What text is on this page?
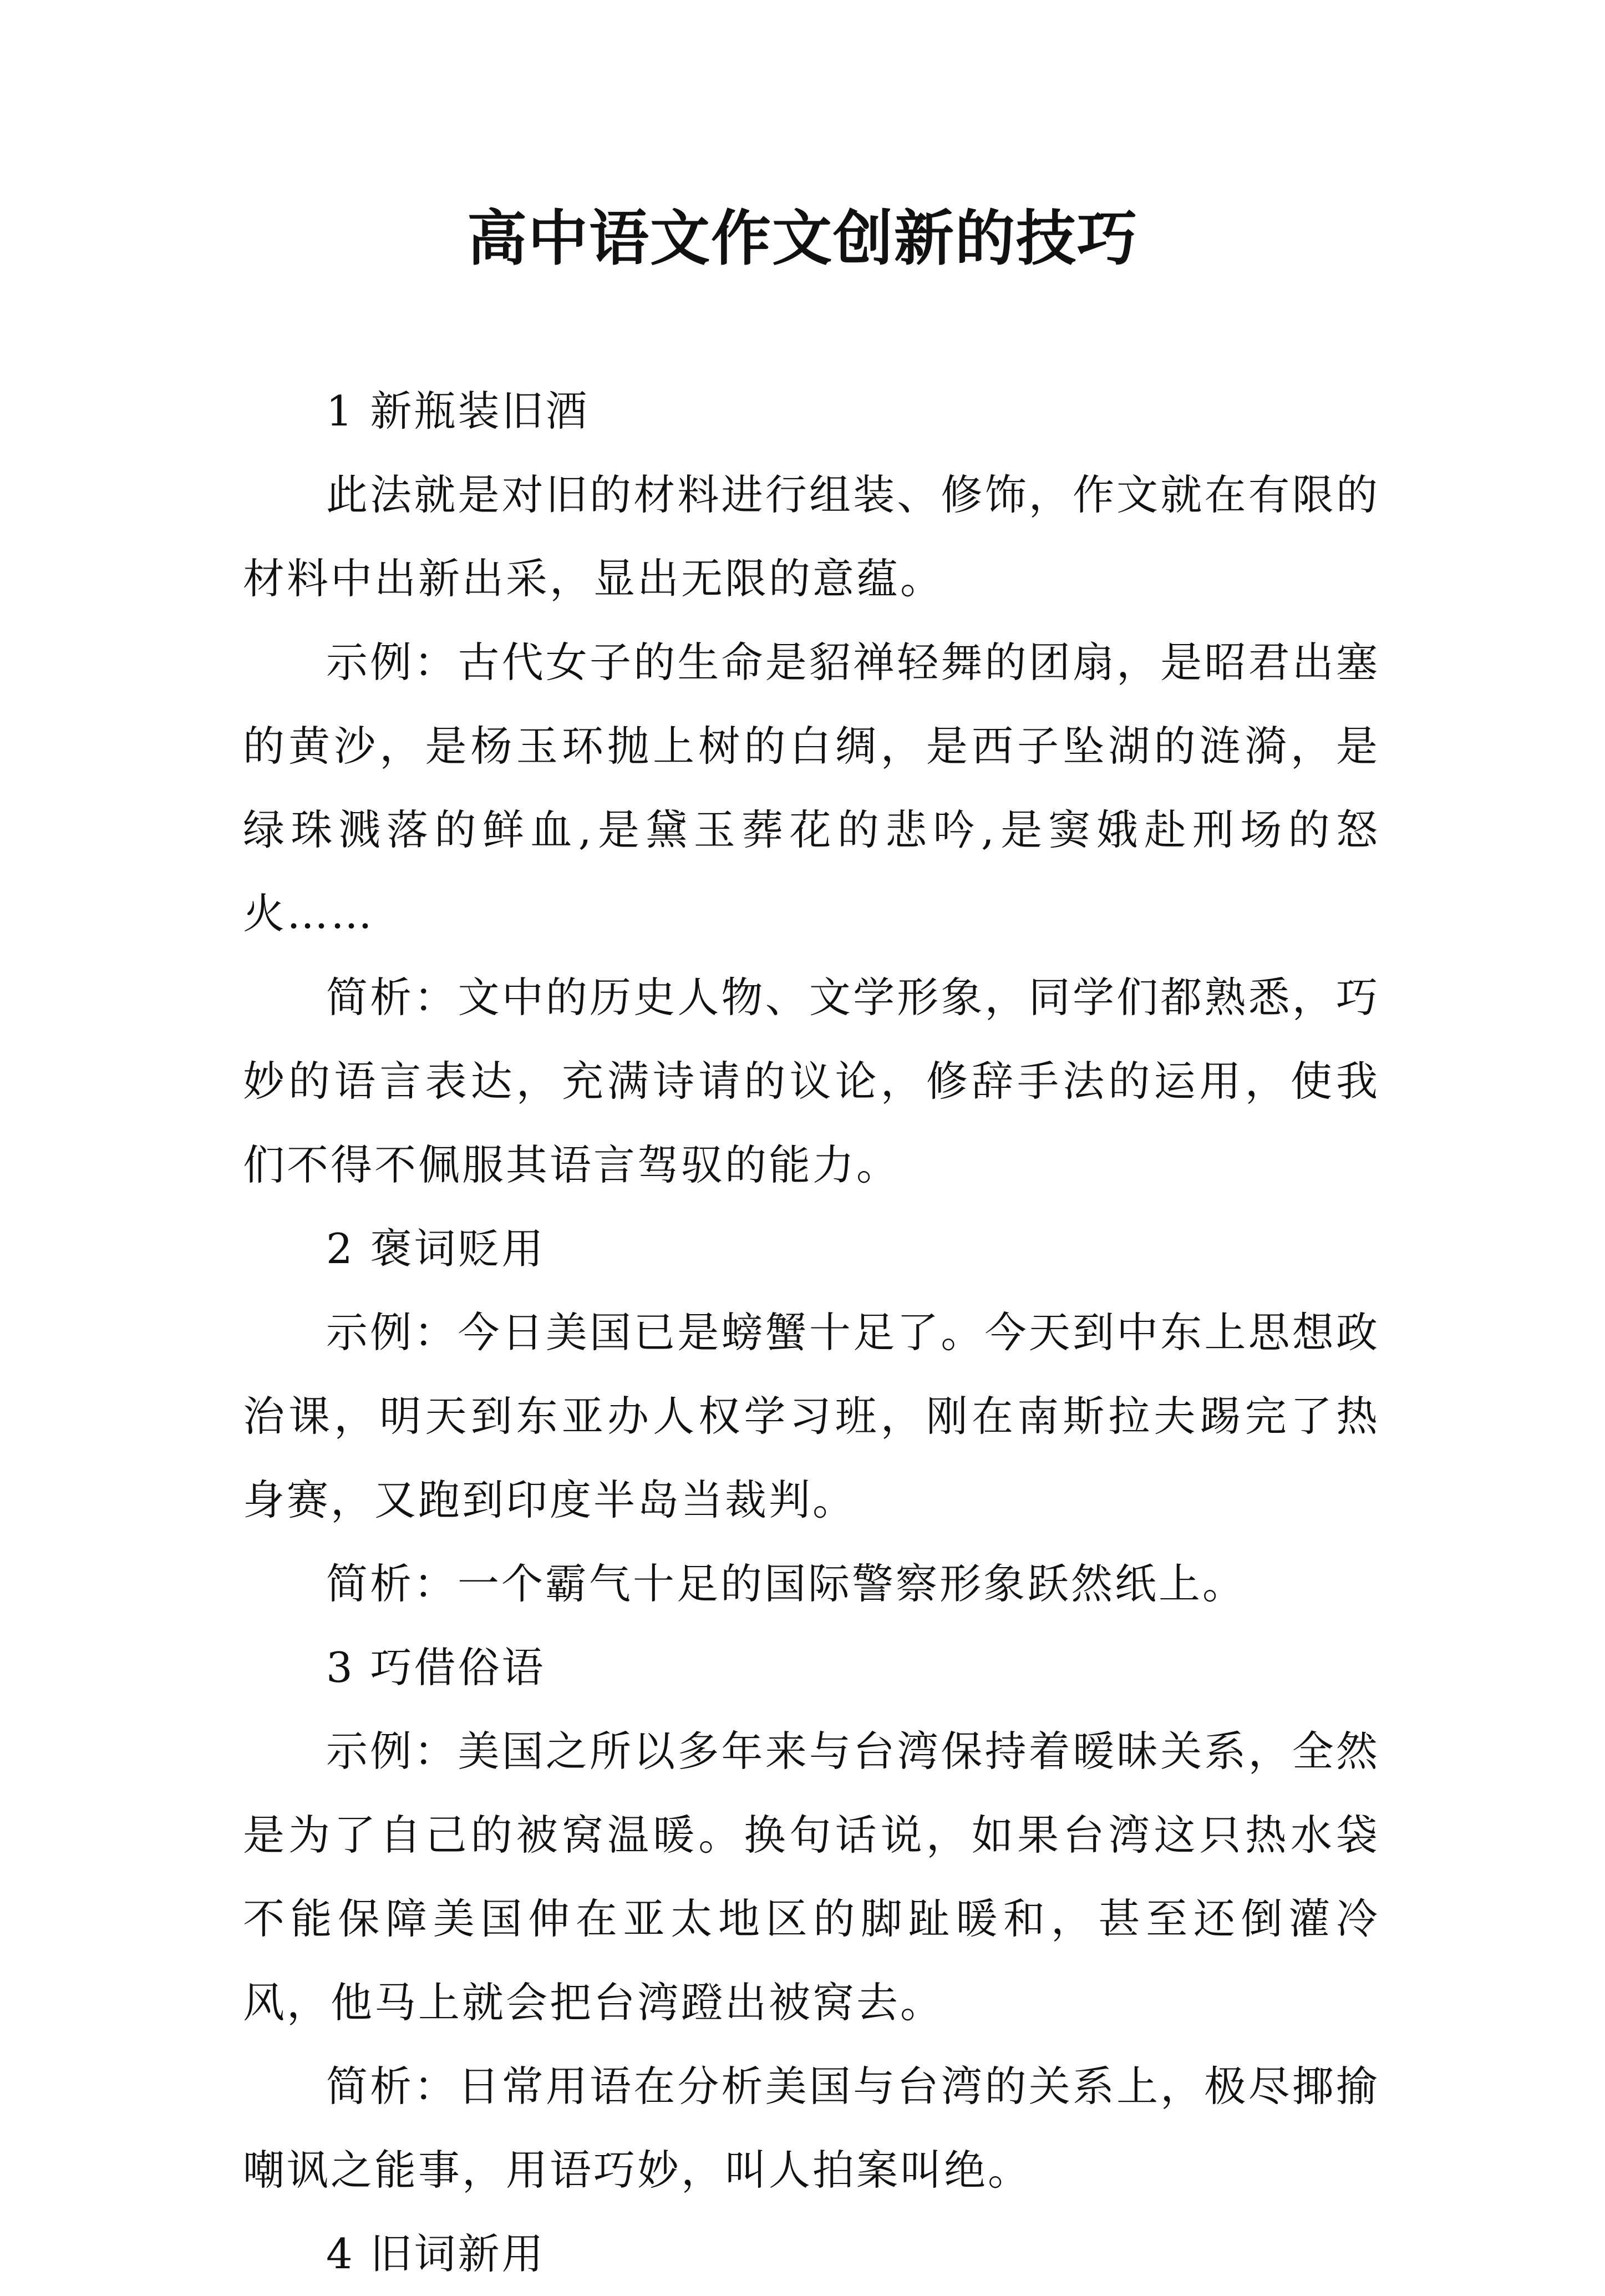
高中语文作文创新的技巧

1 新瓶装旧酒

此法就是对旧的材料进行组装、修饰，作文就在有限的材料中出新出采，显出无限的意蕴。

示例：古代女子的生命是貂禅轻舞的团扇，是昭君出塞的黄沙，是杨玉环抛上树的白绸，是西子坠湖的涟漪，是绿珠溅落的鲜血,是黛玉葬花的悲吟,是窦娥赴刑场的怒火……

简析：文中的历史人物、文学形象，同学们都熟悉，巧妙的语言表达，充满诗请的议论，修辞手法的运用，使我们不得不佩服其语言驾驭的能力。

2 褒词贬用

示例：今日美国已是螃蟹十足了。今天到中东上思想政治课，明天到东亚办人权学习班，刚在南斯拉夫踢完了热身赛，又跑到印度半岛当裁判。

简析：一个霸气十足的国际警察形象跃然纸上。

3 巧借俗语

示例：美国之所以多年来与台湾保持着暧昧关系，全然是为了自己的被窝温暖。换句话说，如果台湾这只热水袋不能保障美国伸在亚太地区的脚趾暖和，甚至还倒灌冷风，他马上就会把台湾蹬出被窝去。

简析：日常用语在分析美国与台湾的关系上，极尽揶揄嘲讽之能事，用语巧妙，叫人拍案叫绝。

4 旧词新用
